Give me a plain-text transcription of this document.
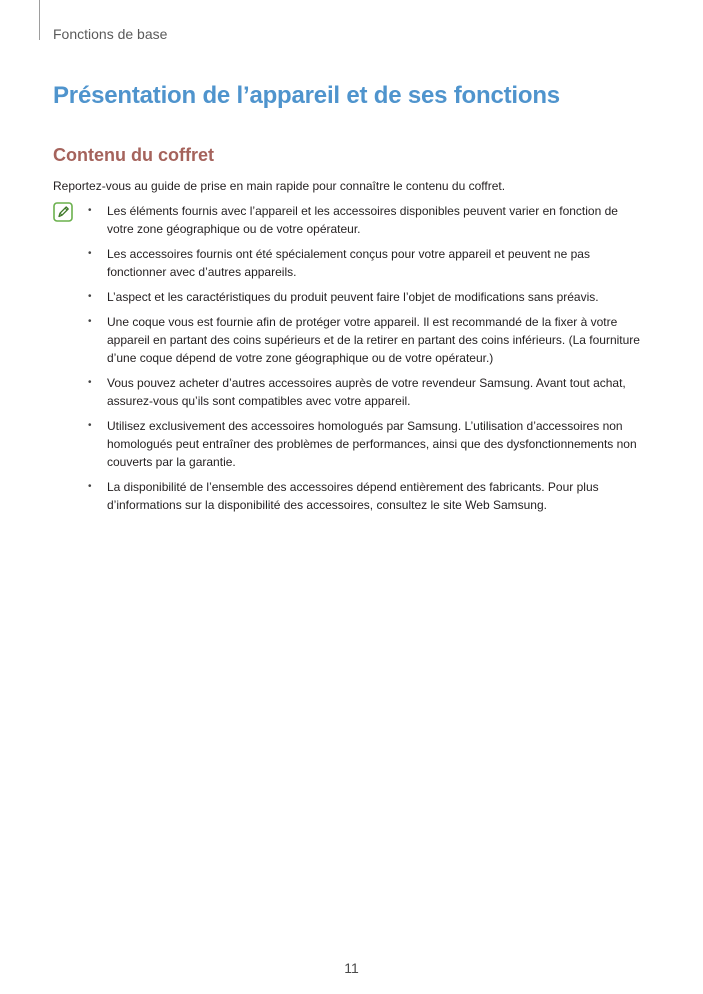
Fonctions de base
Présentation de l’appareil et de ses fonctions
Contenu du coffret

Reportez-vous au guide de prise en main rapide pour connaître le contenu du coffret.

• Les éléments fournis avec l’appareil et les accessoires disponibles peuvent varier en fonction de votre zone géographique ou de votre opérateur.
• Les accessoires fournis ont été spécialement conçus pour votre appareil et peuvent ne pas fonctionner avec d’autres appareils.
• L’aspect et les caractéristiques du produit peuvent faire l’objet de modifications sans préavis.
• Une coque vous est fournie afin de protéger votre appareil. Il est recommandé de la fixer à votre appareil en partant des coins supérieurs et de la retirer en partant des coins inférieurs. (La fourniture d’une coque dépend de votre zone géographique ou de votre opérateur.)
• Vous pouvez acheter d’autres accessoires auprès de votre revendeur Samsung. Avant tout achat, assurez-vous qu’ils sont compatibles avec votre appareil.
• Utilisez exclusivement des accessoires homologués par Samsung. L’utilisation d’accessoires non homologués peut entraîner des problèmes de performances, ainsi que des dysfonctionnements non couverts par la garantie.
• La disponibilité de l’ensemble des accessoires dépend entièrement des fabricants. Pour plus d’informations sur la disponibilité des accessoires, consultez le site Web Samsung.
11
